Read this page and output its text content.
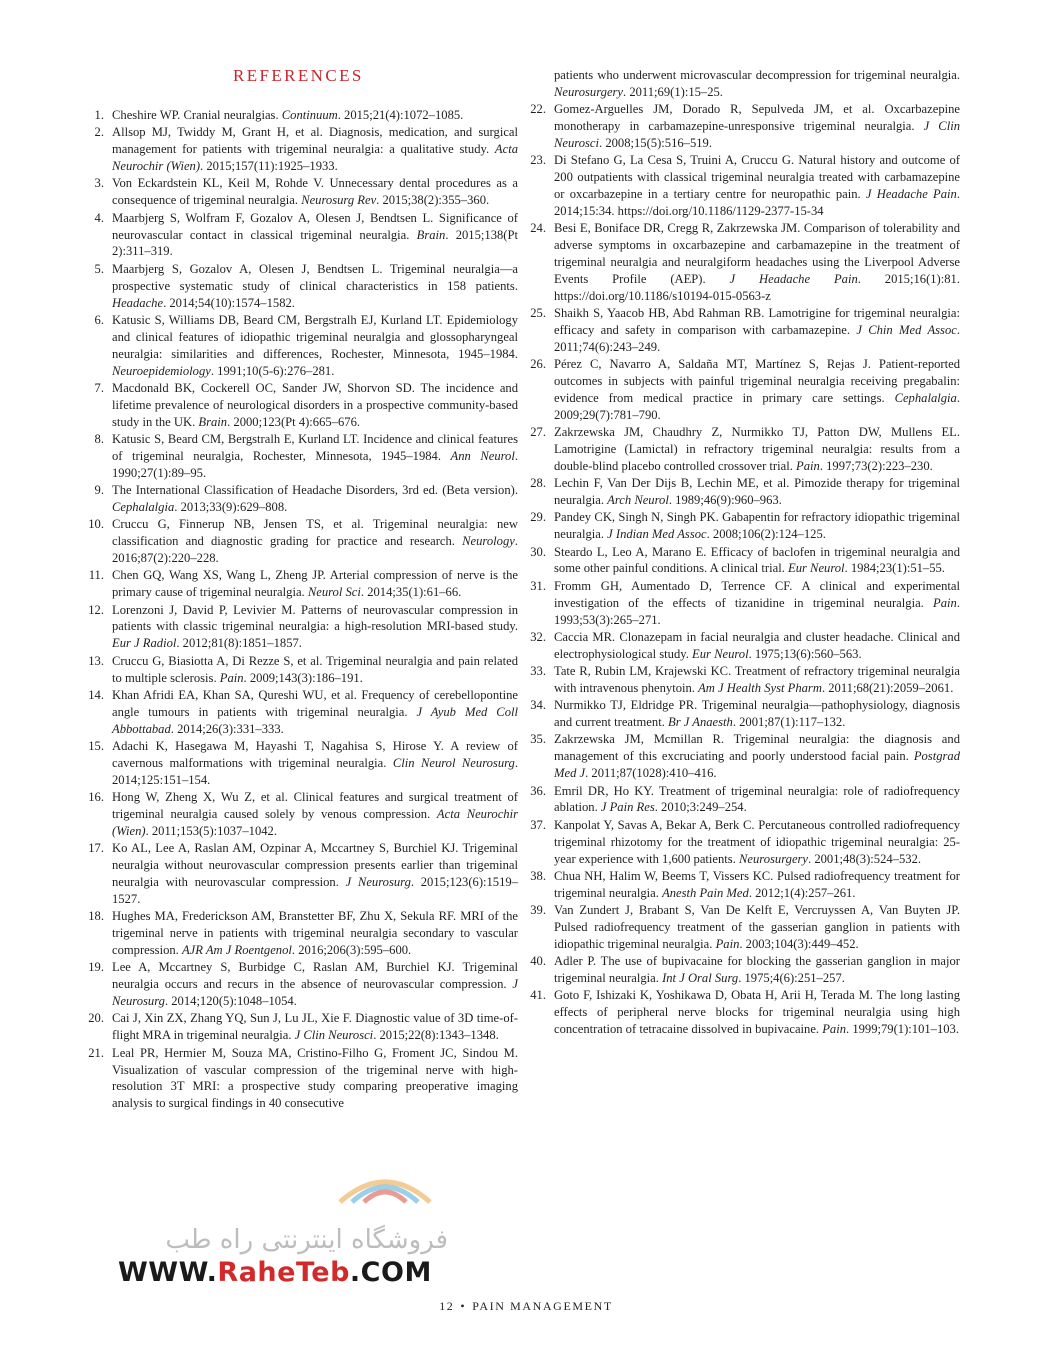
REFERENCES
1. Cheshire WP. Cranial neuralgias. Continuum. 2015;21(4):1072–1085.
2. Allsop MJ, Twiddy M, Grant H, et al. Diagnosis, medication, and surgical management for patients with trigeminal neuralgia: a qualitative study. Acta Neurochir (Wien). 2015;157(11):1925–1933.
3. Von Eckardstein KL, Keil M, Rohde V. Unnecessary dental procedures as a consequence of trigeminal neuralgia. Neurosurg Rev. 2015;38(2):355–360.
4. Maarbjerg S, Wolfram F, Gozalov A, Olesen J, Bendtsen L. Significance of neurovascular contact in classical trigeminal neuralgia. Brain. 2015;138(Pt 2):311–319.
5. Maarbjerg S, Gozalov A, Olesen J, Bendtsen L. Trigeminal neuralgia—a prospective systematic study of clinical characteristics in 158 patients. Headache. 2014;54(10):1574–1582.
6. Katusic S, Williams DB, Beard CM, Bergstralh EJ, Kurland LT. Epidemiology and clinical features of idiopathic trigeminal neuralgia and glossopharyngeal neuralgia: similarities and differences, Rochester, Minnesota, 1945–1984. Neuroepidemiology. 1991;10(5-6):276–281.
7. Macdonald BK, Cockerell OC, Sander JW, Shorvon SD. The incidence and lifetime prevalence of neurological disorders in a prospective community-based study in the UK. Brain. 2000;123(Pt 4):665–676.
8. Katusic S, Beard CM, Bergstralh E, Kurland LT. Incidence and clinical features of trigeminal neuralgia, Rochester, Minnesota, 1945–1984. Ann Neurol. 1990;27(1):89–95.
9. The International Classification of Headache Disorders, 3rd ed. (Beta version). Cephalalgia. 2013;33(9):629–808.
10. Cruccu G, Finnerup NB, Jensen TS, et al. Trigeminal neuralgia: new classification and diagnostic grading for practice and research. Neurology. 2016;87(2):220–228.
11. Chen GQ, Wang XS, Wang L, Zheng JP. Arterial compression of nerve is the primary cause of trigeminal neuralgia. Neurol Sci. 2014;35(1):61–66.
12. Lorenzoni J, David P, Levivier M. Patterns of neurovascular compression in patients with classic trigeminal neuralgia: a high-resolution MRI-based study. Eur J Radiol. 2012;81(8):1851–1857.
13. Cruccu G, Biasiotta A, Di Rezze S, et al. Trigeminal neuralgia and pain related to multiple sclerosis. Pain. 2009;143(3):186–191.
14. Khan Afridi EA, Khan SA, Qureshi WU, et al. Frequency of cerebellopontine angle tumours in patients with trigeminal neuralgia. J Ayub Med Coll Abbottabad. 2014;26(3):331–333.
15. Adachi K, Hasegawa M, Hayashi T, Nagahisa S, Hirose Y. A review of cavernous malformations with trigeminal neuralgia. Clin Neurol Neurosurg. 2014;125:151–154.
16. Hong W, Zheng X, Wu Z, et al. Clinical features and surgical treatment of trigeminal neuralgia caused solely by venous compression. Acta Neurochir (Wien). 2011;153(5):1037–1042.
17. Ko AL, Lee A, Raslan AM, Ozpinar A, Mccartney S, Burchiel KJ. Trigeminal neuralgia without neurovascular compression presents earlier than trigeminal neuralgia with neurovascular compression. J Neurosurg. 2015;123(6):1519–1527.
18. Hughes MA, Frederickson AM, Branstetter BF, Zhu X, Sekula RF. MRI of the trigeminal nerve in patients with trigeminal neuralgia secondary to vascular compression. AJR Am J Roentgenol. 2016;206(3):595–600.
19. Lee A, Mccartney S, Burbidge C, Raslan AM, Burchiel KJ. Trigeminal neuralgia occurs and recurs in the absence of neurovascular compression. J Neurosurg. 2014;120(5):1048–1054.
20. Cai J, Xin ZX, Zhang YQ, Sun J, Lu JL, Xie F. Diagnostic value of 3D time-of-flight MRA in trigeminal neuralgia. J Clin Neurosci. 2015;22(8):1343–1348.
21. Leal PR, Hermier M, Souza MA, Cristino-Filho G, Froment JC, Sindou M. Visualization of vascular compression of the trigeminal nerve with high-resolution 3T MRI: a prospective study comparing preoperative imaging analysis to surgical findings in 40 consecutive
patients who underwent microvascular decompression for trigeminal neuralgia. Neurosurgery. 2011;69(1):15–25.
22. Gomez-Arguelles JM, Dorado R, Sepulveda JM, et al. Oxcarbazepine monotherapy in carbamazepine-unresponsive trigeminal neuralgia. J Clin Neurosci. 2008;15(5):516–519.
23. Di Stefano G, La Cesa S, Truini A, Cruccu G. Natural history and outcome of 200 outpatients with classical trigeminal neuralgia treated with carbamazepine or oxcarbazepine in a tertiary centre for neuropathic pain. J Headache Pain. 2014;15:34. https://doi.org/10.1186/1129-2377-15-34
24. Besi E, Boniface DR, Cregg R, Zakrzewska JM. Comparison of tolerability and adverse symptoms in oxcarbazepine and carbamazepine in the treatment of trigeminal neuralgia and neuralgiform headaches using the Liverpool Adverse Events Profile (AEP). J Headache Pain. 2015;16(1):81. https://doi.org/10.1186/s10194-015-0563-z
25. Shaikh S, Yaacob HB, Abd Rahman RB. Lamotrigine for trigeminal neuralgia: efficacy and safety in comparison with carbamazepine. J Chin Med Assoc. 2011;74(6):243–249.
26. Pérez C, Navarro A, Saldaña MT, Martínez S, Rejas J. Patient-reported outcomes in subjects with painful trigeminal neuralgia receiving pregabalin: evidence from medical practice in primary care settings. Cephalalgia. 2009;29(7):781–790.
27. Zakrzewska JM, Chaudhry Z, Nurmikko TJ, Patton DW, Mullens EL. Lamotrigine (Lamictal) in refractory trigeminal neuralgia: results from a double-blind placebo controlled crossover trial. Pain. 1997;73(2):223–230.
28. Lechin F, Van Der Dijs B, Lechin ME, et al. Pimozide therapy for trigeminal neuralgia. Arch Neurol. 1989;46(9):960–963.
29. Pandey CK, Singh N, Singh PK. Gabapentin for refractory idiopathic trigeminal neuralgia. J Indian Med Assoc. 2008;106(2):124–125.
30. Steardo L, Leo A, Marano E. Efficacy of baclofen in trigeminal neuralgia and some other painful conditions. A clinical trial. Eur Neurol. 1984;23(1):51–55.
31. Fromm GH, Aumentado D, Terrence CF. A clinical and experimental investigation of the effects of tizanidine in trigeminal neuralgia. Pain. 1993;53(3):265–271.
32. Caccia MR. Clonazepam in facial neuralgia and cluster headache. Clinical and electrophysiological study. Eur Neurol. 1975;13(6):560–563.
33. Tate R, Rubin LM, Krajewski KC. Treatment of refractory trigeminal neuralgia with intravenous phenytoin. Am J Health Syst Pharm. 2011;68(21):2059–2061.
34. Nurmikko TJ, Eldridge PR. Trigeminal neuralgia—pathophysiology, diagnosis and current treatment. Br J Anaesth. 2001;87(1):117–132.
35. Zakrzewska JM, Mcmillan R. Trigeminal neuralgia: the diagnosis and management of this excruciating and poorly understood facial pain. Postgrad Med J. 2011;87(1028):410–416.
36. Emril DR, Ho KY. Treatment of trigeminal neuralgia: role of radiofrequency ablation. J Pain Res. 2010;3:249–254.
37. Kanpolat Y, Savas A, Bekar A, Berk C. Percutaneous controlled radiofrequency trigeminal rhizotomy for the treatment of idiopathic trigeminal neuralgia: 25-year experience with 1,600 patients. Neurosurgery. 2001;48(3):524–532.
38. Chua NH, Halim W, Beems T, Vissers KC. Pulsed radiofrequency treatment for trigeminal neuralgia. Anesth Pain Med. 2012;1(4):257–261.
39. Van Zundert J, Brabant S, Van De Kelft E, Vercruyssen A, Van Buyten JP. Pulsed radiofrequency treatment of the gasserian ganglion in patients with idiopathic trigeminal neuralgia. Pain. 2003;104(3):449–452.
40. Adler P. The use of bupivacaine for blocking the gasserian ganglion in major trigeminal neuralgia. Int J Oral Surg. 1975;4(6):251–257.
41. Goto F, Ishizaki K, Yoshikawa D, Obata H, Arii H, Terada M. The long lasting effects of peripheral nerve blocks for trigeminal neuralgia using high concentration of tetracaine dissolved in bupivacaine. Pain. 1999;79(1):101–103.
فروشگاه اینترنتی راه طب
WWW.RaheTeb.COM
12 • PAIN MANAGEMENT
